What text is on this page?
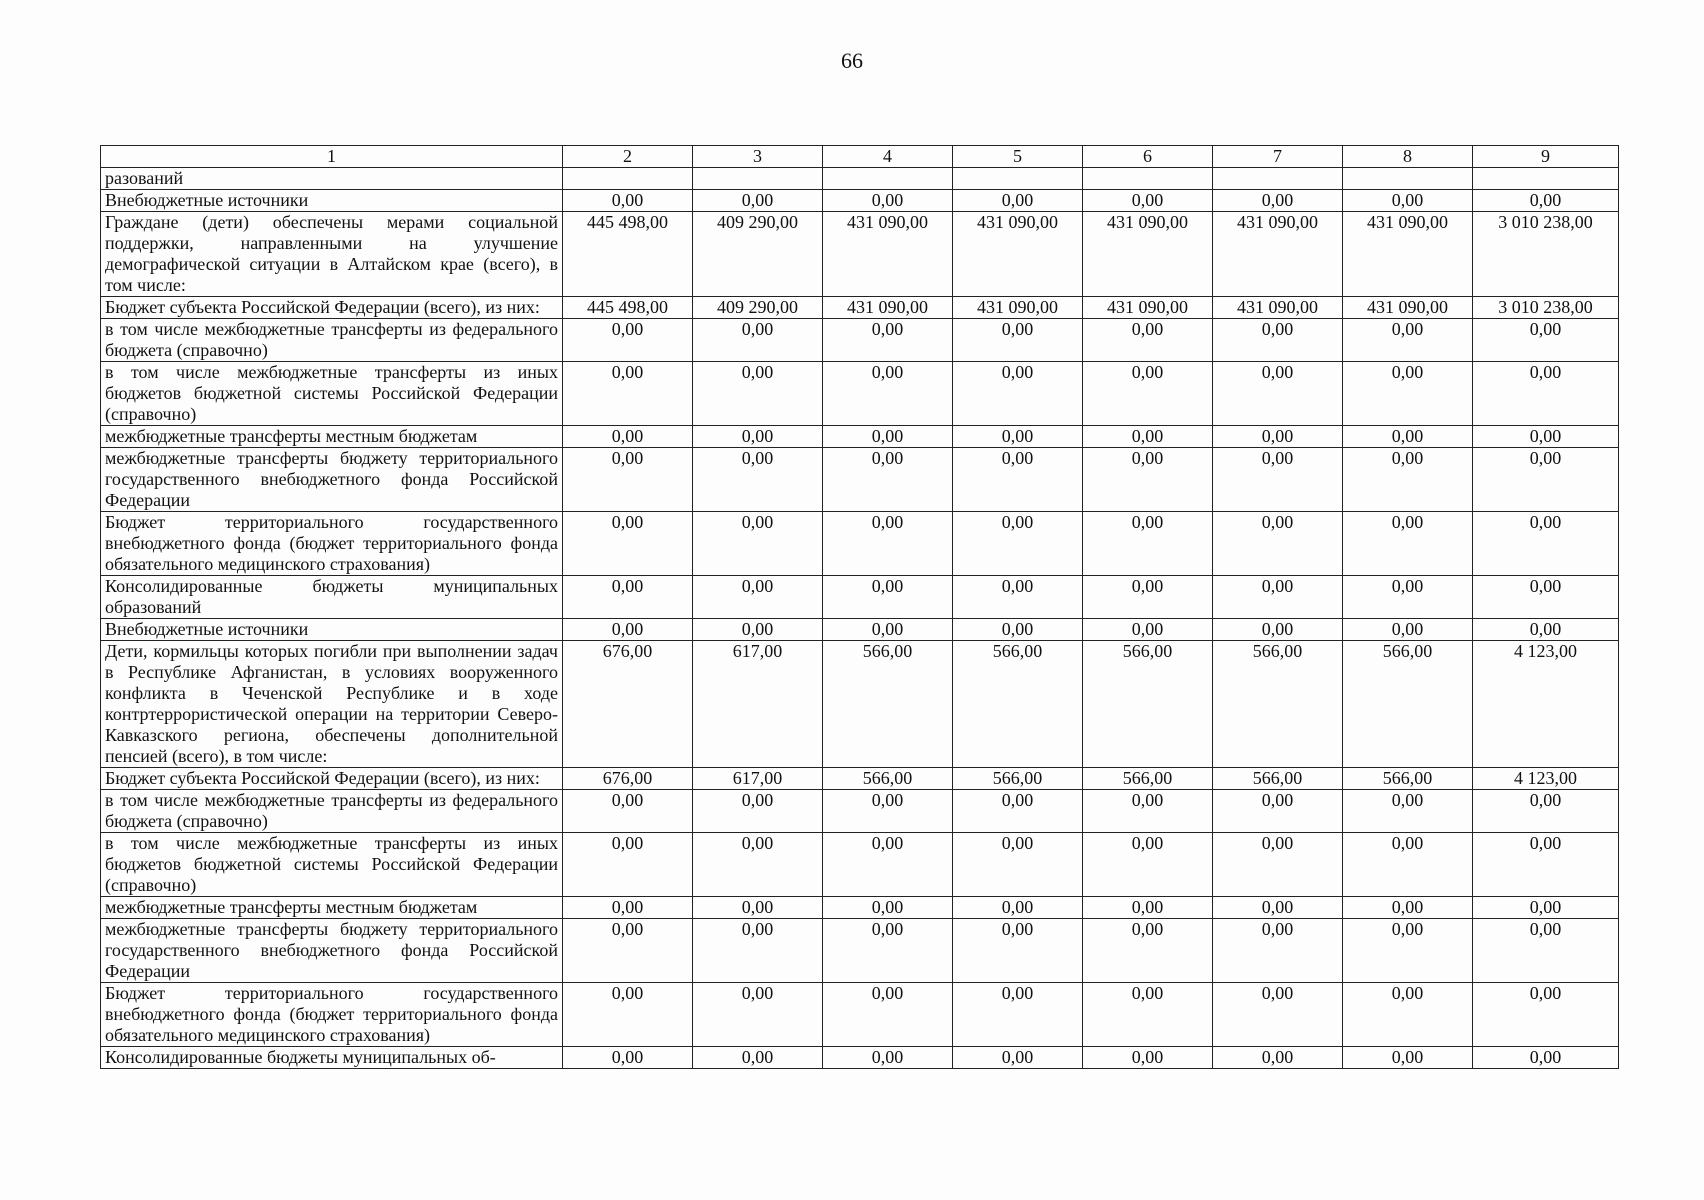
66
1	2	3	4	5	6	7	8	9
разований								
Внебюджетные источники	0,00	0,00	0,00	0,00	0,00	0,00	0,00	0,00
Граждане (дети) обеспечены мерами социальной поддержки, направленными на улучшение демографической ситуации в Алтайском крае (всего), в том числе:	445 498,00	409 290,00	431 090,00	431 090,00	431 090,00	431 090,00	431 090,00	3 010 238,00
Бюджет субъекта Российской Федерации (всего), из них:	445 498,00	409 290,00	431 090,00	431 090,00	431 090,00	431 090,00	431 090,00	3 010 238,00
в том числе межбюджетные трансферты из федерального бюджета (справочно)	0,00	0,00	0,00	0,00	0,00	0,00	0,00	0,00
в том числе межбюджетные трансферты из иных бюджетов бюджетной системы Российской Федерации (справочно)	0,00	0,00	0,00	0,00	0,00	0,00	0,00	0,00
межбюджетные трансферты местным бюджетам	0,00	0,00	0,00	0,00	0,00	0,00	0,00	0,00
межбюджетные трансферты бюджету территориального государственного внебюджетного фонда Российской Федерации	0,00	0,00	0,00	0,00	0,00	0,00	0,00	0,00
Бюджет территориального государственного внебюджетного фонда (бюджет территориального фонда обязательного медицинского страхования)	0,00	0,00	0,00	0,00	0,00	0,00	0,00	0,00
Консолидированные бюджеты муниципальных образований	0,00	0,00	0,00	0,00	0,00	0,00	0,00	0,00
Внебюджетные источники	0,00	0,00	0,00	0,00	0,00	0,00	0,00	0,00
Дети, кормильцы которых погибли при выполнении задач в Республике Афганистан, в условиях вооруженного конфликта в Чеченской Республике и в ходе контртеррористической операции на территории Северо-Кавказского региона, обеспечены дополнительной пенсией (всего), в том числе:	676,00	617,00	566,00	566,00	566,00	566,00	566,00	4 123,00
Бюджет субъекта Российской Федерации (всего), из них:	676,00	617,00	566,00	566,00	566,00	566,00	566,00	4 123,00
в том числе межбюджетные трансферты из федерального бюджета (справочно)	0,00	0,00	0,00	0,00	0,00	0,00	0,00	0,00
в том числе межбюджетные трансферты из иных бюджетов бюджетной системы Российской Федерации (справочно)	0,00	0,00	0,00	0,00	0,00	0,00	0,00	0,00
межбюджетные трансферты местным бюджетам	0,00	0,00	0,00	0,00	0,00	0,00	0,00	0,00
межбюджетные трансферты бюджету территориального государственного внебюджетного фонда Российской Федерации	0,00	0,00	0,00	0,00	0,00	0,00	0,00	0,00
Бюджет территориального государственного внебюджетного фонда (бюджет территориального фонда обязательного медицинского страхования)	0,00	0,00	0,00	0,00	0,00	0,00	0,00	0,00
Консолидированные бюджеты муниципальных об-	0,00	0,00	0,00	0,00	0,00	0,00	0,00	0,00
